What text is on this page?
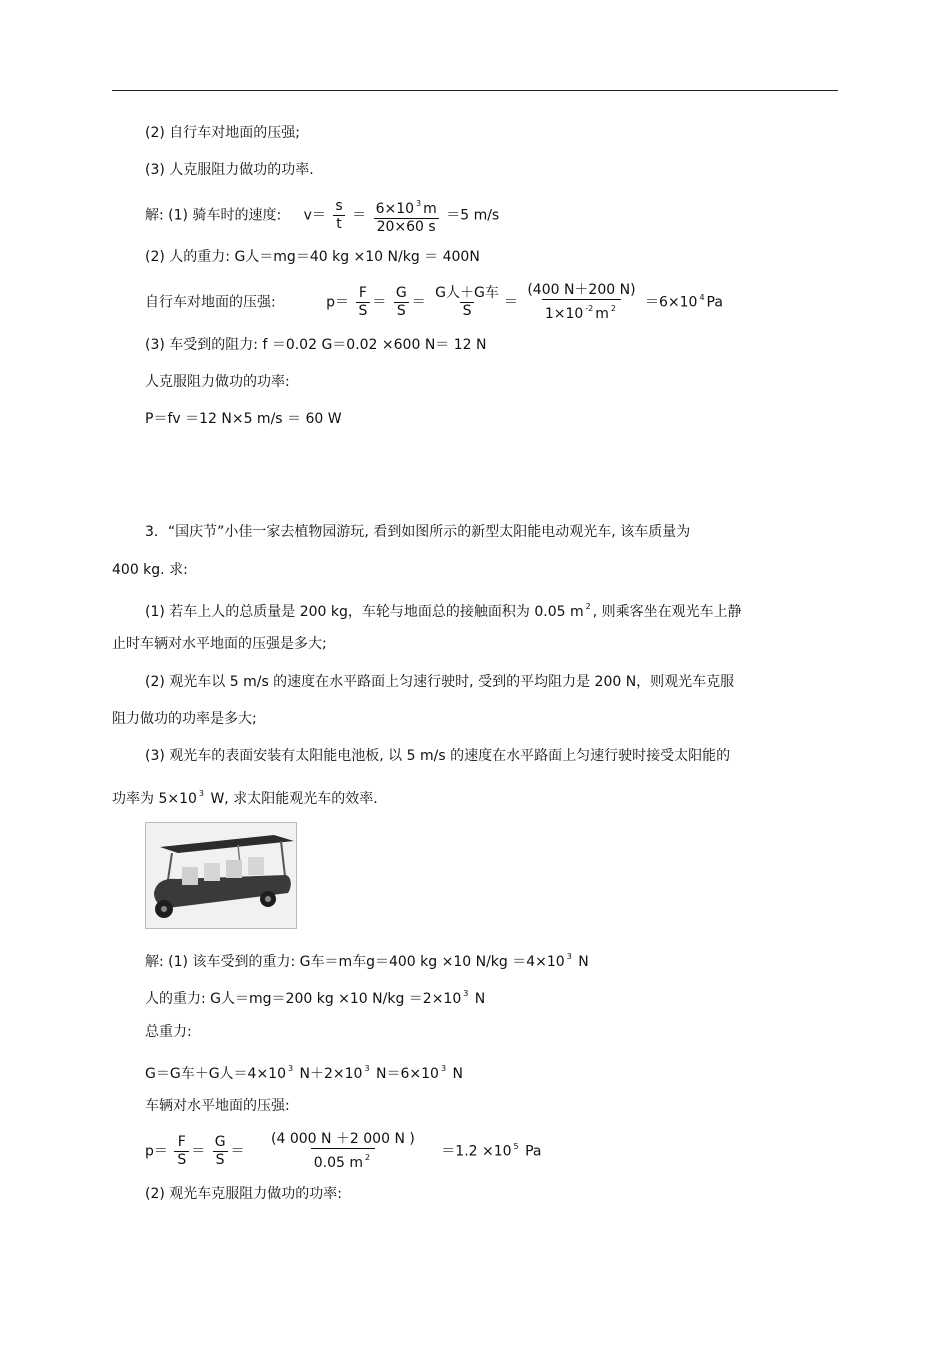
(2) 自行车对地面的压强;
(3) 人克服阻力做功的功率.
解: (1) 骑车时的速度: $v= \frac{s}{t} = \frac{6\times 10 ^3 m}{20\times 60 s} =5$ m/s
(2) 人的重力: G人＝mg＝40 kg ×10 N/kg ＝ 400N
自行车对地面的压强:	$p= \frac{F}{S} = \frac{G}{S} = \frac{\text{G人＋G车}}{S} = \frac{(400 N+200 N)}{1\times 10 ^{-2} m ^2} =6\times 10$ $^4$ Pa
(3) 车受到的阻力: f ＝0.02 G＝0.02 ×600 N＝ 12 N
人克服阻力做功的功率:
P＝fv ＝12 N×5 m/s ＝ 60 W
3．“国庆节”小佳一家去植物园游玩, 看到如图所示的新型太阳能电动观光车, 该车质量为
400 kg. 求:
(1) 若车上人的总质量是 200 kg，车轮与地面总的接触面积为 0.05 m $^2$ , 则乘客坐在观光车上静
止时车辆对水平地面的压强是多大;
(2) 观光车以 5 m/s 的速度在水平路面上匀速行驶时, 受到的平均阻力是 200 N，则观光车克服
阻力做功的功率是多大;
(3) 观光车的表面安装有太阳能电池板, 以 5 m/s 的速度在水平路面上匀速行驶时接受太阳能的
功率为 5×10 $^3$ W, 求太阳能观光车的效率.
解: (1) 该车受到的重力: G车＝m车g＝400 kg ×10 N/kg ＝4×10 $^3$ N
人的重力: G人＝mg＝200 kg ×10 N/kg ＝2×10 $^3$ N
总重力:
G＝G车＋G人＝4×10 $^3$ N＋2×10 $^3$ N＝6×10 $^3$ N
车辆对水平地面的压强:
$p= \frac{F}{S} = \frac{G}{S} = \frac{(4 000 N +2 000 N )}{0.05 m ^2} =1.2 \times 10$ $^5$ Pa
(2) 观光车克服阻力做功的功率:
